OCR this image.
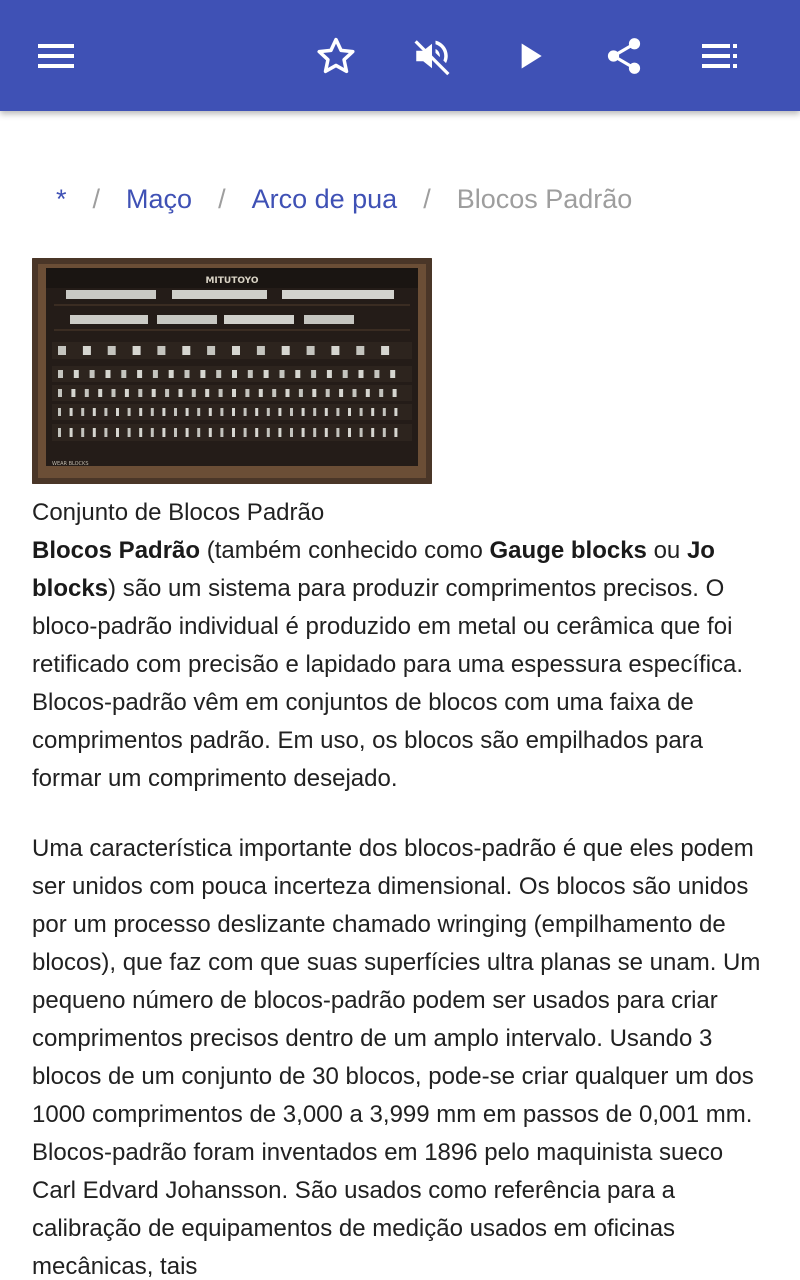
* / Maço / Arco de pua / Blocos Padrão
MITUTOYO
WEAR BLOCKS
Conjunto de Blocos Padrão

Blocos Padrão (também conhecido como Gauge blocks ou Jo blocks) são um sistema para produzir comprimentos precisos. O bloco-padrão individual é produzido em metal ou cerâmica que foi retificado com precisão e lapidado para uma espessura específica. Blocos-padrão vêm em conjuntos de blocos com uma faixa de comprimentos padrão. Em uso, os blocos são empilhados para formar um comprimento desejado.

Uma característica importante dos blocos-padrão é que eles podem ser unidos com pouca incerteza dimensional. Os blocos são unidos por um processo deslizante chamado wringing (empilhamento de blocos), que faz com que suas superfícies ultra planas se unam. Um pequeno número de blocos-padrão podem ser usados para criar comprimentos precisos dentro de um amplo intervalo. Usando 3 blocos de um conjunto de 30 blocos, pode-se criar qualquer um dos 1000 comprimentos de 3,000 a 3,999 mm em passos de 0,001 mm. Blocos-padrão foram inventados em 1896 pelo maquinista sueco Carl Edvard Johansson. São usados como referência para a calibração de equipamentos de medição usados em oficinas mecânicas, tais
